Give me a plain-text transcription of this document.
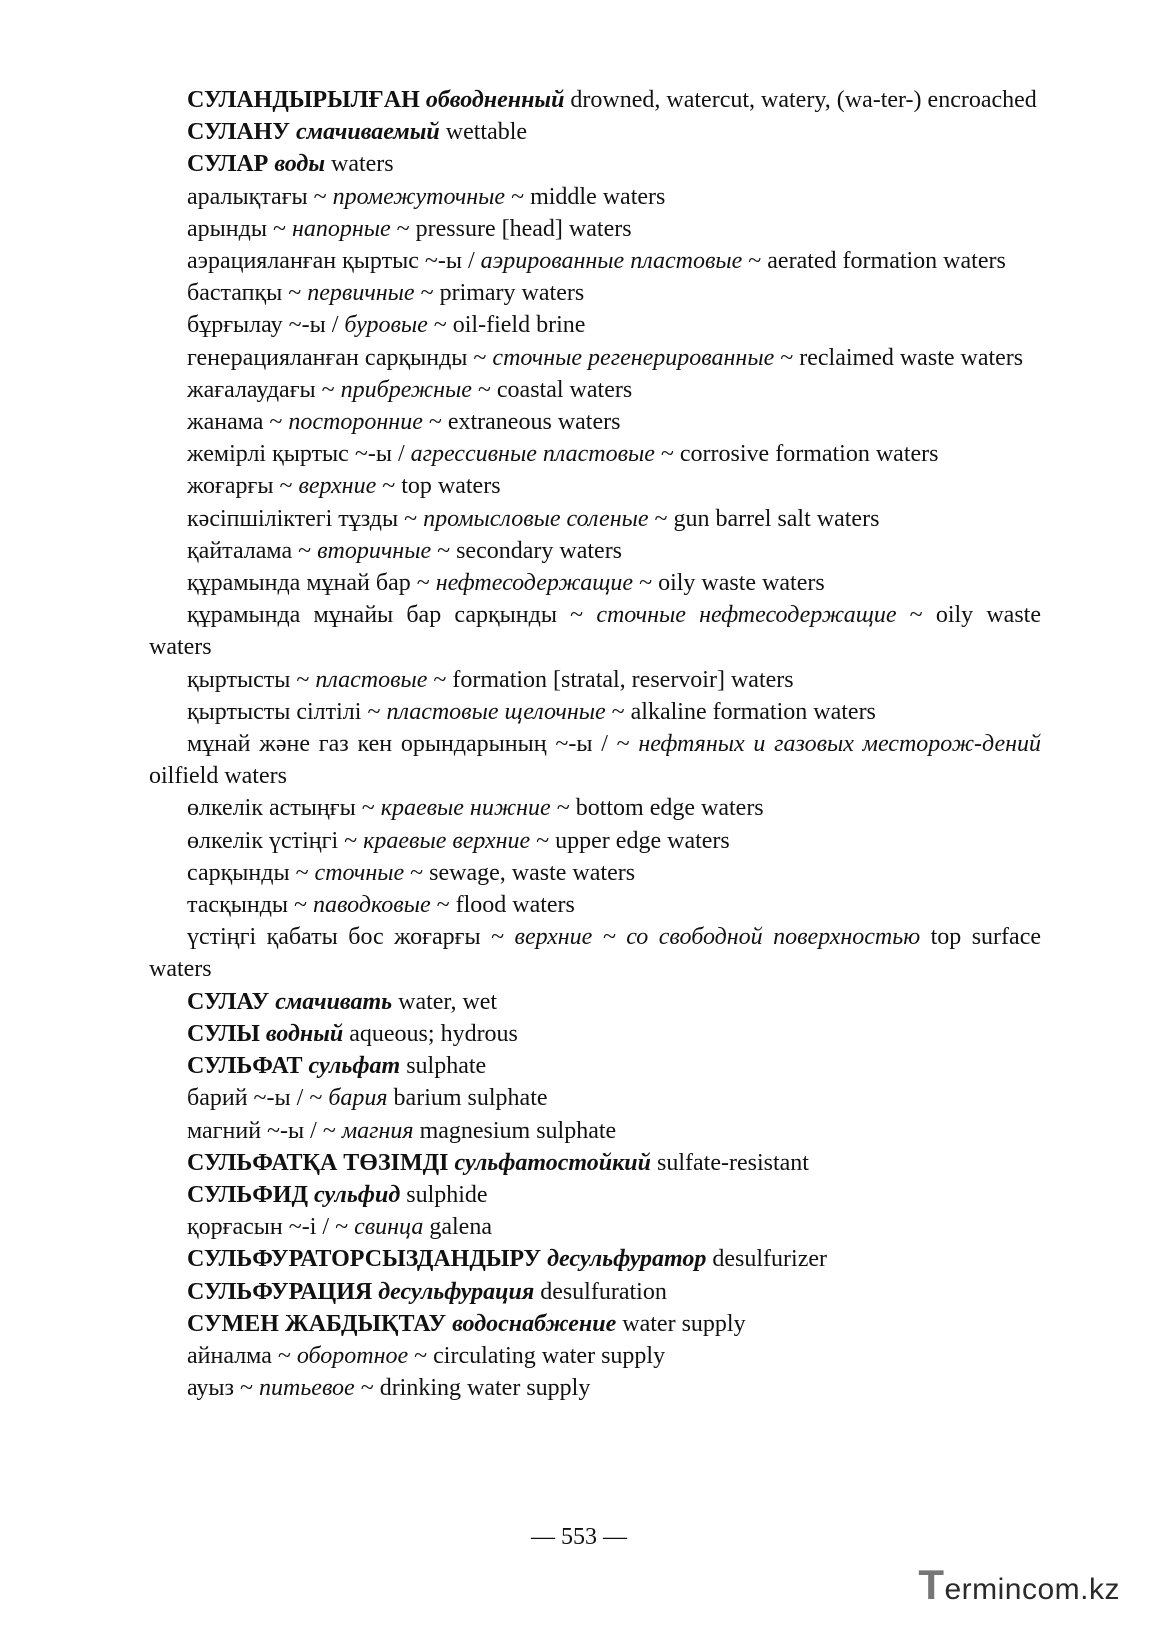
СУЛАНДЫРЫЛҒАН обводненный drowned, watercut, watery, (wa-ter-) encroached
СУЛАНУ смачиваемый wettable
СУЛАР воды waters
аралықтағы ~ промежуточные ~ middle waters
арынды ~ напорные ~ pressure [head] waters
аэрацияланған қыртыс ~-ы / аэрированные пластовые ~ aerated formation waters
бастапқы ~ первичные ~ primary waters
бұрғылау ~-ы / буровые ~ oil-field brine
генерацияланған сарқынды ~ сточные регенерированные ~ reclaimed waste waters
жағалаудағы ~ прибрежные ~ coastal waters
жанама ~ посторонние ~ extraneous waters
жемірлі қыртыс ~-ы / агрессивные пластовые ~ corrosive formation waters
жоғарғы ~ верхние ~ top waters
кәсіпшіліктегі тұзды ~ промысловые соленые ~ gun barrel salt waters
қайталама ~ вторичные ~ secondary waters
құрамында мұнай бар ~ нефтесодержащие ~ oily waste waters
құрамында мұнайы бар сарқынды ~ сточные нефтесодержащие ~ oily waste waters
қыртысты ~ пластовые ~ formation [stratal, reservoir] waters
қыртысты сілтілі ~ пластовые щелочные ~ alkaline formation waters
мұнай және газ кен орындарының ~-ы / ~ нефтяных и газовых месторож-дений oilfield waters
өлкелік астыңғы ~ краевые нижние ~ bottom edge waters
өлкелік үстіңгі ~ краевые верхние ~ upper edge waters
сарқынды ~ сточные ~ sewage, waste waters
тасқынды ~ паводковые ~ flood waters
үстіңгі қабаты бос жоғарғы ~ верхние ~ со свободной поверхностью top surface waters
СУЛАУ смачивать water, wet
СУЛЫ водный aqueous; hydrous
СУЛЬФАТ сульфат sulphate
барий ~-ы / ~ бария barium sulphate
магний ~-ы / ~ магния magnesium sulphate
СУЛЬФАТҚА ТӨЗІМДІ сульфатостойкий sulfate-resistant
СУЛЬФИД сульфид sulphide
қорғасын ~-і / ~ свинца galena
СУЛЬФУРАТОРСЫЗДАНДЫРУ десульфуратор desulfurizer
СУЛЬФУРАЦИЯ десульфурация desulfuration
СУМЕН ЖАБДЫҚТАУ водоснабжение water supply
айналма ~ оборотное ~ circulating water supply
ауыз ~ питьевое ~ drinking water supply
— 553 —
Termincom.kz
